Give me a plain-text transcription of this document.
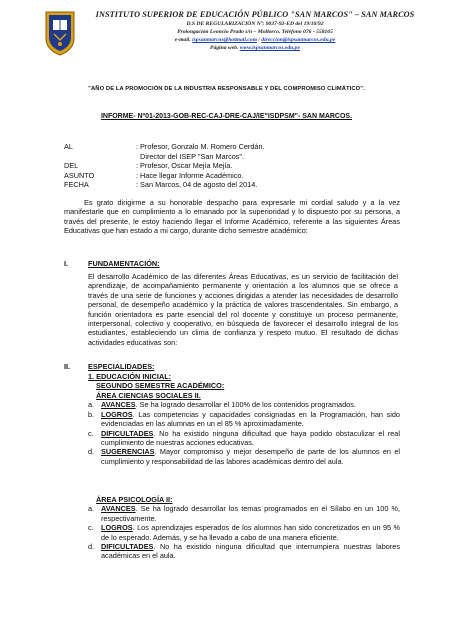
INSTITUTO SUPERIOR DE EDUCACIÓN PÚBLICO "SAN MARCOS" – SAN MARCOS
D.S DE REGULARIZACIÓN Nº: 0037-92-ED del 19/10/92
Prolongación Leoncio Prado s/n – Mollorco. Teléfono 076 - 558165
e-mail. ispsanmarcos@hotmail.com / direccion@ispsanmarcos.edu.pe
Página web. www.ispsanmarcos.edu.pe
"AÑO DE LA PROMOCIÓN DE LA INDUSTRIA RESPONSABLE Y DEL COMPROMISO CLIMÁTICO".
INFORME- Nº01-2013-GOB-REC-CAJ-DRE-CAJ/IE"ISDPSM"- SAN MARCOS.
AL	: Profesor, Gonzalo M. Romero Cerdán.
Director del ISEP "San Marcos".
DEL	: Profesor, Oscar Mejía Mejía.
ASUNTO	: Hace llegar Informe Académico.
FECHA	: San Marcos, 04 de agosto del 2014.
Es grato dirigirme a su honorable despacho para expresarle mi cordial saludo y a la vez manifestarle que en cumplimiento a lo emanado por la superioridad y lo dispuesto por su persona, a través del presente, le estoy haciendo llegar el Informe Académico, referente a las siguientes Áreas Educativas que han estado a mi cargo, durante dicho semestre académico:
I.	FUNDAMENTACIÓN:
El desarrollo Académico de las diferentes Áreas Educativas, es un servicio de facilitación del aprendizaje, de acompañamiento permanente y orientación a los alumnos que se ofrece a través de una serie de funciones y acciones dirigidas a atender las necesidades de desarrollo personal, de desempeño académico y la práctica de valores trascendentales. Sin embargo, a función orientadora es parte esencial del rol docente y constituye un proceso permanente, interpersonal, colectivo y cooperativo, en búsqueda de favorecer el desarrollo integral de los estudiantes, estableciendo un clima de confianza y respeto mutuo. El resultado de dichas actividades educativas son:
II. ESPECIALIDADES:
1. EDUCACIÓN INICIAL:
SEGUNDO SEMESTRE ACADÉMICO:
ÁREA CIENCIAS SOCIALES II.
a. AVANCES. Se ha logrado desarrollar el 100% de los contenidos programados.
b. LOGROS. Las competencias y capacidades consignadas en la Programación, han sido evidenciadas en las alumnas en un el 85 % aproximadamente.
c.	DIFICULTADES. No ha existido ninguna dificultad que haya podido obstaculizar el real cumplimiento de nuestras acciones educativas.
d. SUGERENCIAS. Mayor compromiso y mejor desempeño de parte de los alumnos en el cumplimiento y responsabilidad de las labores académicas dentro del aula.
ÁREA PSICOLOGÍA II:
a. AVANCES. Se ha logrado desarrollar los temas programados en el Sílabo en un 100 %, respectivamente.
c.	LOGROS. Los aprendizajes esperados de los alumnos han sido concretizados en un 95 % de lo esperado. Además, y se ha llevado a cabo de una manera eficiente.
d. DIFICULTADES. No ha existido ninguna dificultad que interrumpiera nuestras labores académicas en el aula.
